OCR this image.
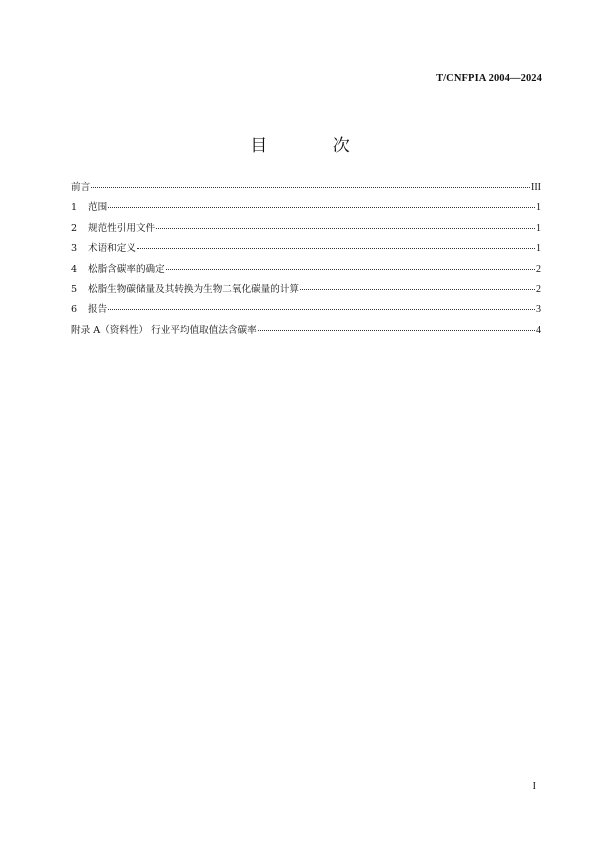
T/CNFPIA 2004—2024
目 次
前言	III
1 范围	1
2 规范性引用文件	1
3 术语和定义	1
4 松脂含碳率的确定	2
5 松脂生物碳储量及其转换为生物二氧化碳量的计算	2
6 报告	3
附录 A（资料性） 行业平均值取值法含碳率	4
I
